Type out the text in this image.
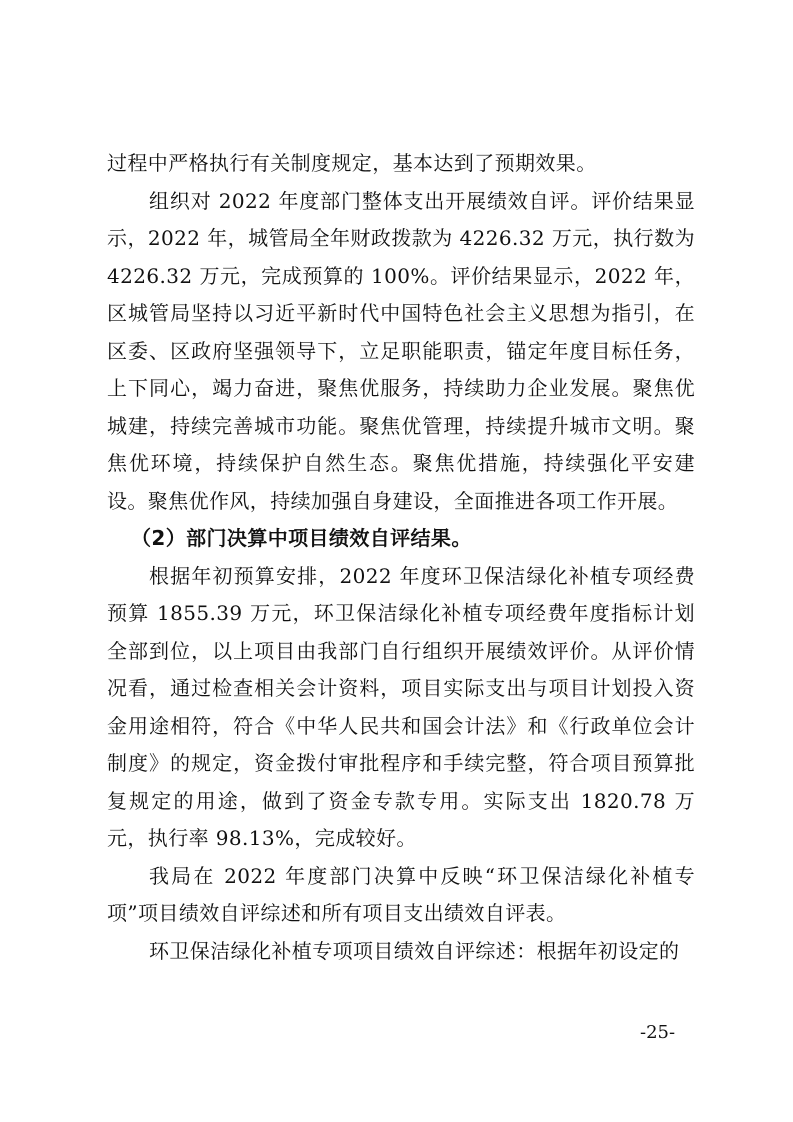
过程中严格执行有关制度规定，基本达到了预期效果。

组织对 2022 年度部门整体支出开展绩效自评。评价结果显示，2022 年，城管局全年财政拨款为 4226.32 万元，执行数为 4226.32 万元，完成预算的 100%。评价结果显示，2022 年，区城管局坚持以习近平新时代中国特色社会主义思想为指引，在区委、区政府坚强领导下，立足职能职责，锚定年度目标任务，上下同心，竭力奋进，聚焦优服务，持续助力企业发展。聚焦优城建，持续完善城市功能。聚焦优管理，持续提升城市文明。聚焦优环境，持续保护自然生态。聚焦优措施，持续强化平安建设。聚焦优作风，持续加强自身建设，全面推进各项工作开展。

（2）部门决算中项目绩效自评结果。

根据年初预算安排，2022 年度环卫保洁绿化补植专项经费预算 1855.39 万元，环卫保洁绿化补植专项经费年度指标计划全部到位，以上项目由我部门自行组织开展绩效评价。从评价情况看，通过检查相关会计资料，项目实际支出与项目计划投入资金用途相符，符合《中华人民共和国会计法》和《行政单位会计制度》的规定，资金拨付审批程序和手续完整，符合项目预算批复规定的用途，做到了资金专款专用。实际支出 1820.78 万元，执行率 98.13%，完成较好。

我局在 2022 年度部门决算中反映“环卫保洁绿化补植专项”项目绩效自评综述和所有项目支出绩效自评表。

环卫保洁绿化补植专项项目绩效自评综述：根据年初设定的

-25-
